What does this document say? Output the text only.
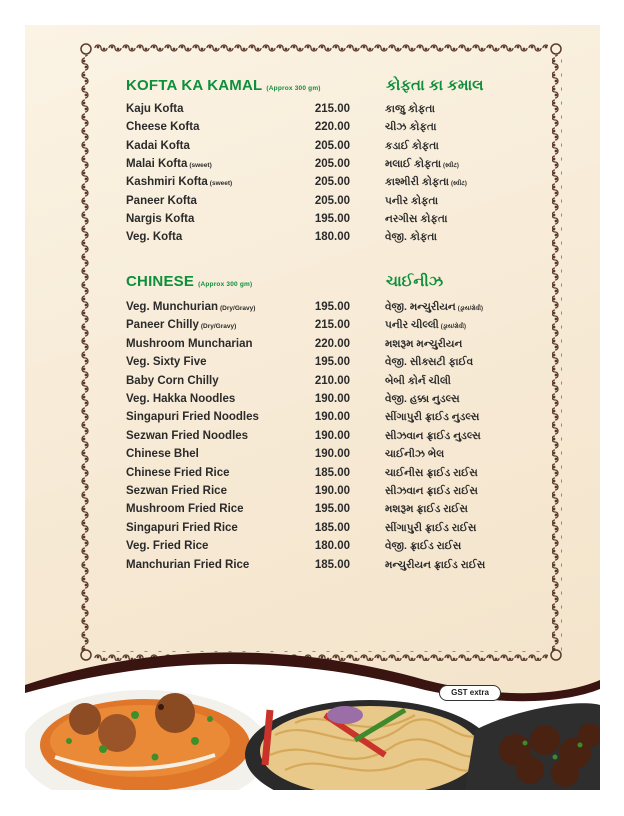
KOFTA KA KAMAL (Approx 300 gm)	કોફતા કા કમાલ
Kaju Kofta	215.00	કાજુ કોફતા
Cheese Kofta	220.00	ચીઝ કોફતા
Kadai Kofta	205.00	કડાઈ કોફતા
Malai Kofta (sweet)	205.00	મલાઈ કોફતા (સ્વીટ)
Kashmiri Kofta (sweet)	205.00	કાશ્મીરી કોફતા (સ્વીટ)
Paneer Kofta	205.00	પનીર કોફતા
Nargis Kofta	195.00	નરગીસ કોફતા
Veg. Kofta	180.00	વેજી. કોફતા
CHINESE (Approx 300 gm)	ચાઈનીઝ
Veg. Munchurian (Dry/Gravy)	195.00	વેજી. મન્ચુરીયન (ડ્રાય/ગ્રેવી)
Paneer Chilly (Dry/Gravy)	215.00	પનીર ચીલ્લી (ડ્રાય/ગ્રેવી)
Mushroom Muncharian	220.00	મશરૂમ મન્ચુરીયન
Veg. Sixty Five	195.00	વેજી. સીક્સટી ફાઈવ
Baby Corn Chilly	210.00	બેબી કોર્ન ચીલી
Veg. Hakka Noodles	190.00	વેજી. હક્કા નુડલ્સ
Singapuri Fried Noodles	190.00	સીંગાપુરી ફ્રાઈડ નુડલ્સ
Sezwan Fried Noodles	190.00	સીઝવાન ફ્રાઈડ નુડલ્સ
Chinese Bhel	190.00	ચાઈનીઝ ભેલ
Chinese Fried Rice	185.00	ચાઈનીસ ફ્રાઈડ રાઈસ
Sezwan Fried Rice	190.00	સીઝવાન ફ્રાઈડ રાઈસ
Mushroom Fried Rice	195.00	મશરૂમ ફ્રાઈડ રાઈસ
Singapuri Fried Rice	185.00	સીંગાપુરી ફ્રાઈડ રાઈસ
Veg. Fried Rice	180.00	વેજી. ફ્રાઈડ રાઈસ
Manchurian Fried Rice	185.00	મન્ચુરીયન ફ્રાઈડ રાઈસ
GST extra
